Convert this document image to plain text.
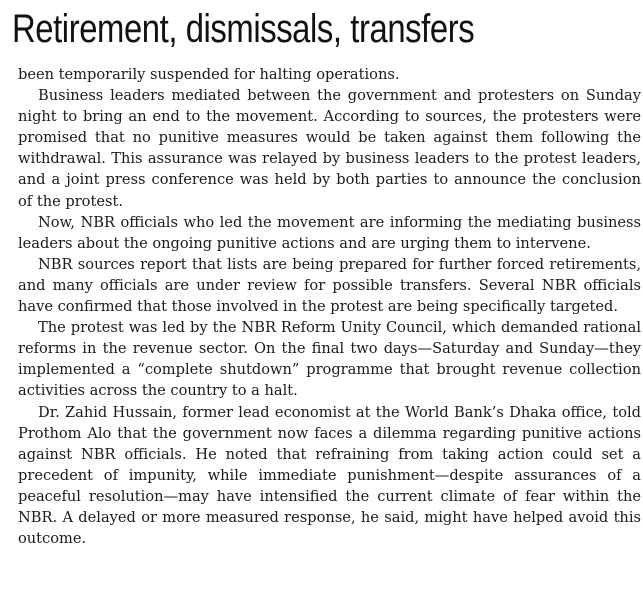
Retirement, dismissals, transfers

been temporarily suspended for halting operations.

Business leaders mediated between the government and protesters on Sunday night to bring an end to the movement. According to sources, the protesters were promised that no punitive measures would be taken against them following the withdrawal. This assurance was relayed by business leaders to the protest leaders, and a joint press conference was held by both parties to announce the conclusion of the protest.

Now, NBR officials who led the movement are informing the mediating business leaders about the ongoing punitive actions and are urging them to intervene.

NBR sources report that lists are being prepared for further forced retirements, and many officials are under review for possible transfers. Several NBR officials have confirmed that those involved in the protest are being specifically targeted.

The protest was led by the NBR Reform Unity Council, which demanded rational reforms in the revenue sector. On the final two days—Saturday and Sunday—they implemented a “complete shutdown” programme that brought revenue collection activities across the country to a halt.

Dr. Zahid Hussain, former lead economist at the World Bank’s Dhaka office, told Prothom Alo that the government now faces a dilemma regarding punitive actions against NBR officials. He noted that refraining from taking action could set a precedent of impunity, while immediate punishment—despite assurances of a peaceful resolution—may have intensified the current climate of fear within the NBR. A delayed or more measured response, he said, might have helped avoid this outcome.
